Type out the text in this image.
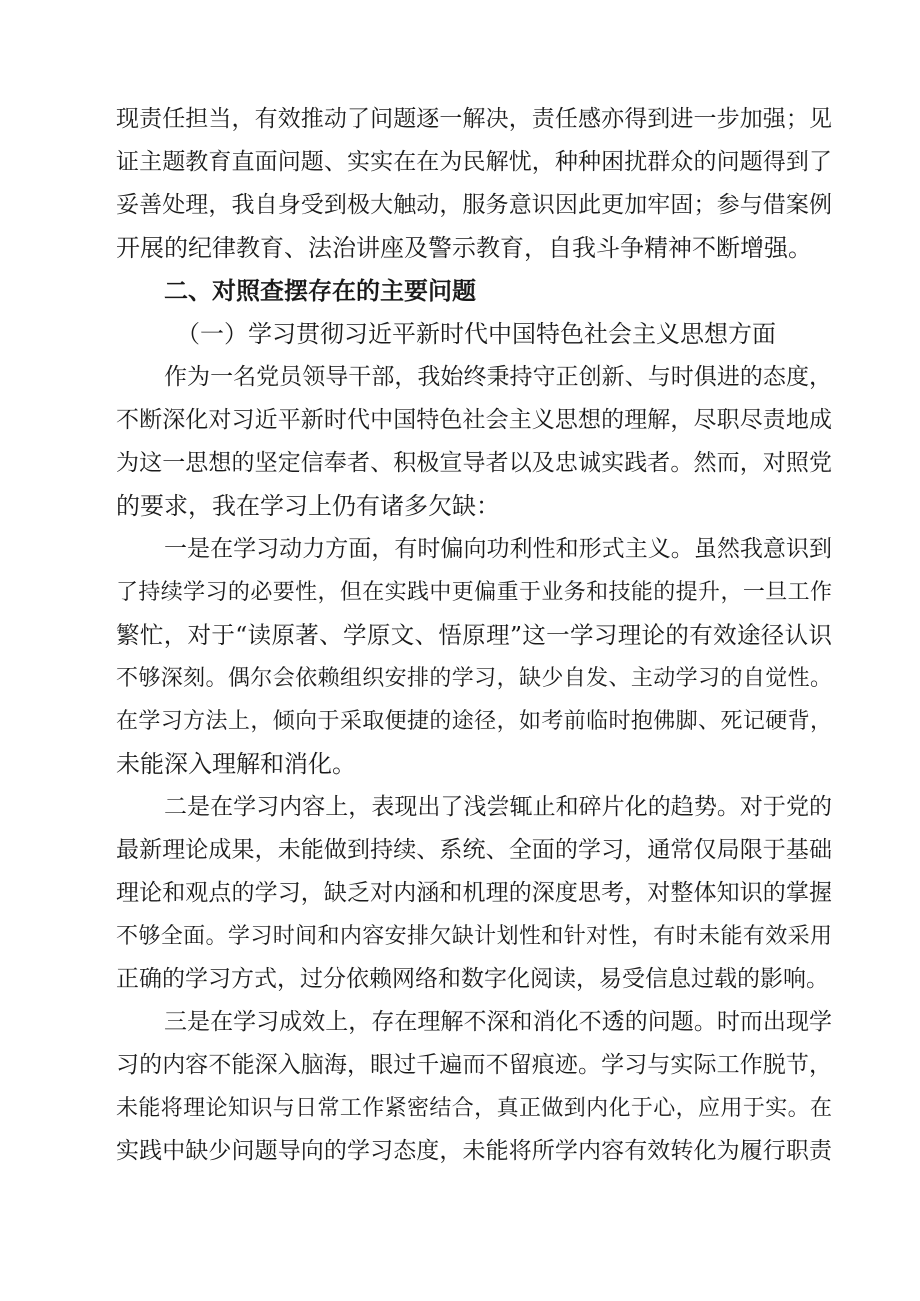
现责任担当，有效推动了问题逐一解决，责任感亦得到进一步加强；见
证主题教育直面问题、实实在在为民解忧，种种困扰群众的问题得到了
妥善处理，我自身受到极大触动，服务意识因此更加牢固；参与借案例
开展的纪律教育、法治讲座及警示教育，自我斗争精神不断增强。
二、对照查摆存在的主要问题
（一）学习贯彻习近平新时代中国特色社会主义思想方面
作为一名党员领导干部，我始终秉持守正创新、与时俱进的态度，
不断深化对习近平新时代中国特色社会主义思想的理解，尽职尽责地成
为这一思想的坚定信奉者、积极宣导者以及忠诚实践者。然而，对照党
的要求，我在学习上仍有诸多欠缺：
一是在学习动力方面，有时偏向功利性和形式主义。虽然我意识到
了持续学习的必要性，但在实践中更偏重于业务和技能的提升，一旦工作
繁忙，对于“读原著、学原文、悟原理”这一学习理论的有效途径认识
不够深刻。偶尔会依赖组织安排的学习，缺少自发、主动学习的自觉性。
在学习方法上，倾向于采取便捷的途径，如考前临时抱佛脚、死记硬背，
未能深入理解和消化。
二是在学习内容上，表现出了浅尝辄止和碎片化的趋势。对于党的
最新理论成果，未能做到持续、系统、全面的学习，通常仅局限于基础
理论和观点的学习，缺乏对内涵和机理的深度思考，对整体知识的掌握
不够全面。学习时间和内容安排欠缺计划性和针对性，有时未能有效采用
正确的学习方式，过分依赖网络和数字化阅读，易受信息过载的影响。
三是在学习成效上，存在理解不深和消化不透的问题。时而出现学
习的内容不能深入脑海，眼过千遍而不留痕迹。学习与实际工作脱节，
未能将理论知识与日常工作紧密结合，真正做到内化于心，应用于实。在
实践中缺少问题导向的学习态度，未能将所学内容有效转化为履行职责
